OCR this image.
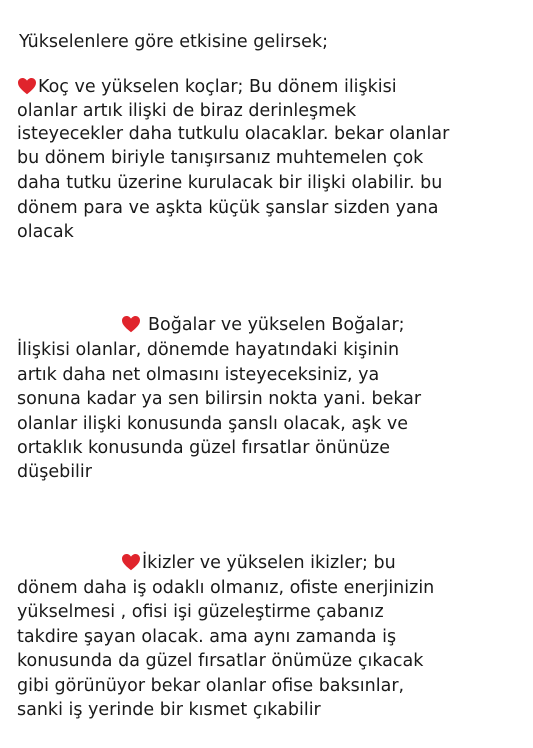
Yükselenlere göre etkisine gelirsek;
Koç ve yükselen koçlar; Bu dönem ilişkisi
olanlar artık ilişki de biraz derinleşmek
isteyecekler daha tutkulu olacaklar. bekar olanlar
bu dönem biriyle tanışırsanız muhtemelen çok
daha tutku üzerine kurulacak bir ilişki olabilir. bu
dönem para ve aşkta küçük şanslar sizden yana
olacak
Boğalar ve yükselen Boğalar;
İlişkisi olanlar, dönemde hayatındaki kişinin
artık daha net olmasını isteyeceksiniz, ya
sonuna kadar ya sen bilirsin nokta yani. bekar
olanlar ilişki konusunda şanslı olacak, aşk ve
ortaklık konusunda güzel fırsatlar önünüze
düşebilir
İkizler ve yükselen ikizler; bu
dönem daha iş odaklı olmanız, ofiste enerjinizin
yükselmesi , ofisi işi güzeleştirme çabanız
takdire şayan olacak. ama aynı zamanda iş
konusunda da güzel fırsatlar önümüze çıkacak
gibi görünüyor bekar olanlar ofise baksınlar,
sanki iş yerinde bir kısmet çıkabilir
